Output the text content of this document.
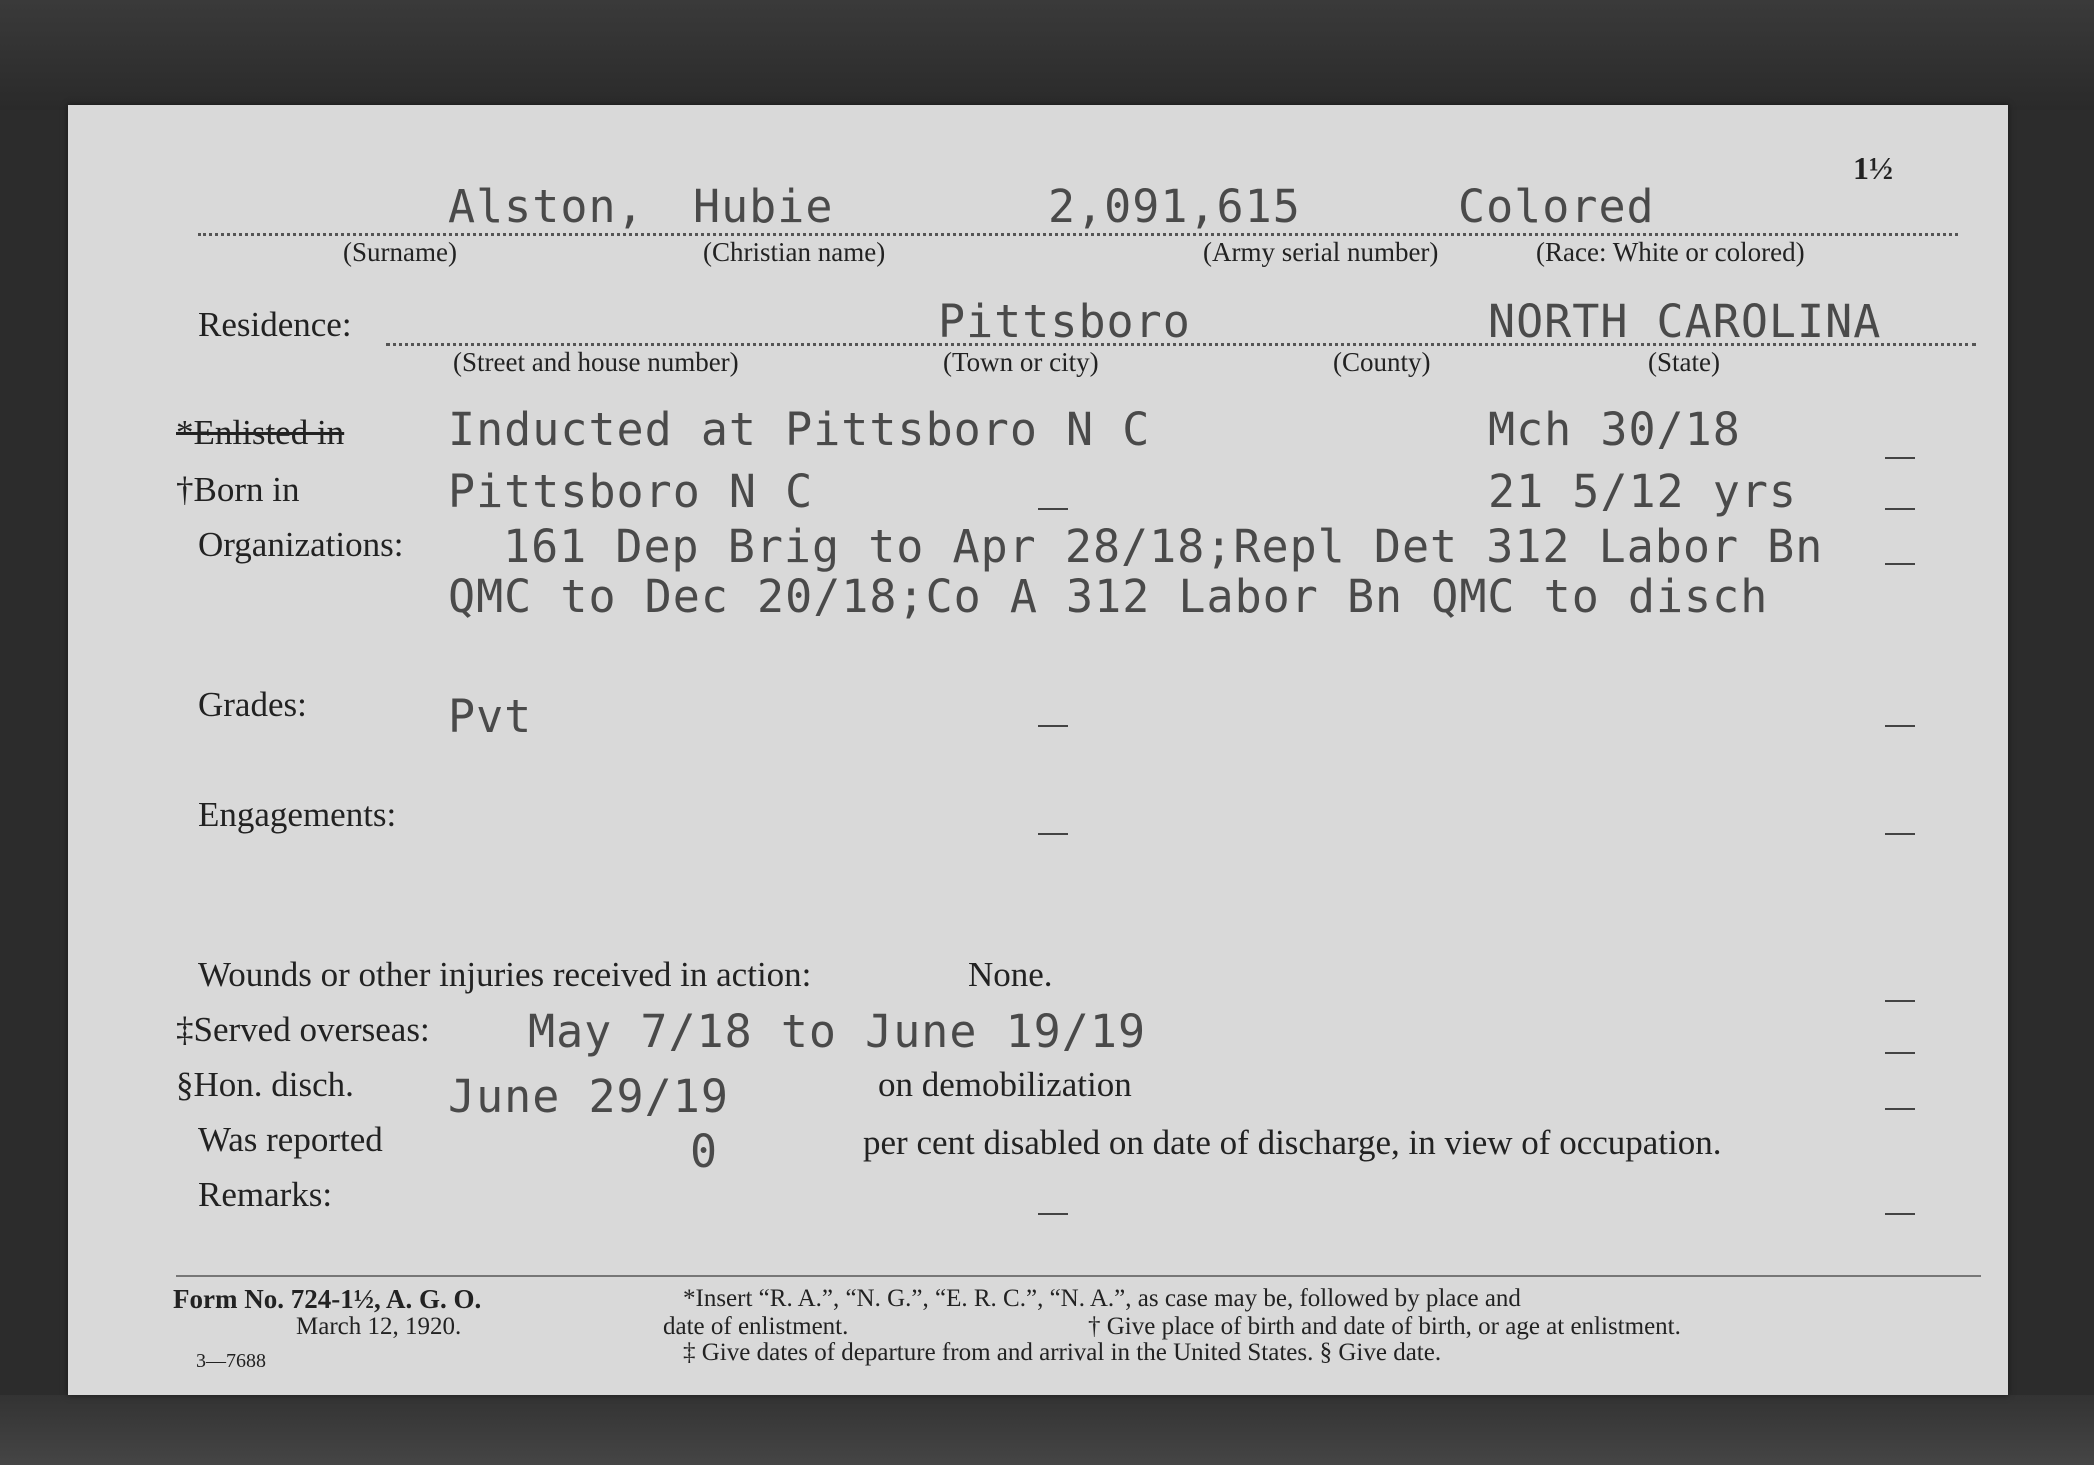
1½
Alston, Hubie	2,091,615	Colored
(Surname)	(Christian name)	(Army serial number)	(Race: White or colored)
Residence:	Pittsboro	NORTH CAROLINA
(Street and house number)	(Town or city)	(County)	(State)
*Enlisted in Inducted at Pittsboro N C	Mch 30/18
†Born in	Pittsboro N C	21 5/12 yrs
Organizations: 161 Dep Brig to Apr 28/18;Repl Det 312 Labor Bn
QMC to Dec 20/18;Co A 312 Labor Bn QMC to disch
Grades:	Pvt
Engagements:
Wounds or other injuries received in action:	None.
‡Served overseas: May 7/18 to June 19/19
§Hon. disch. June 29/19	on demobilization
Was reported	0	per cent disabled on date of discharge, in view of occupation.
Remarks:
Form No. 724-1½, A. G. O.
March 12, 1920.
3—7688
*Insert “R. A.”, “N. G.”, “E. R. C.”, “N. A.”, as case may be, followed by place and
date of enlistment.	† Give place of birth and date of birth, or age at enlistment.
‡ Give dates of departure from and arrival in the United States. § Give date.
